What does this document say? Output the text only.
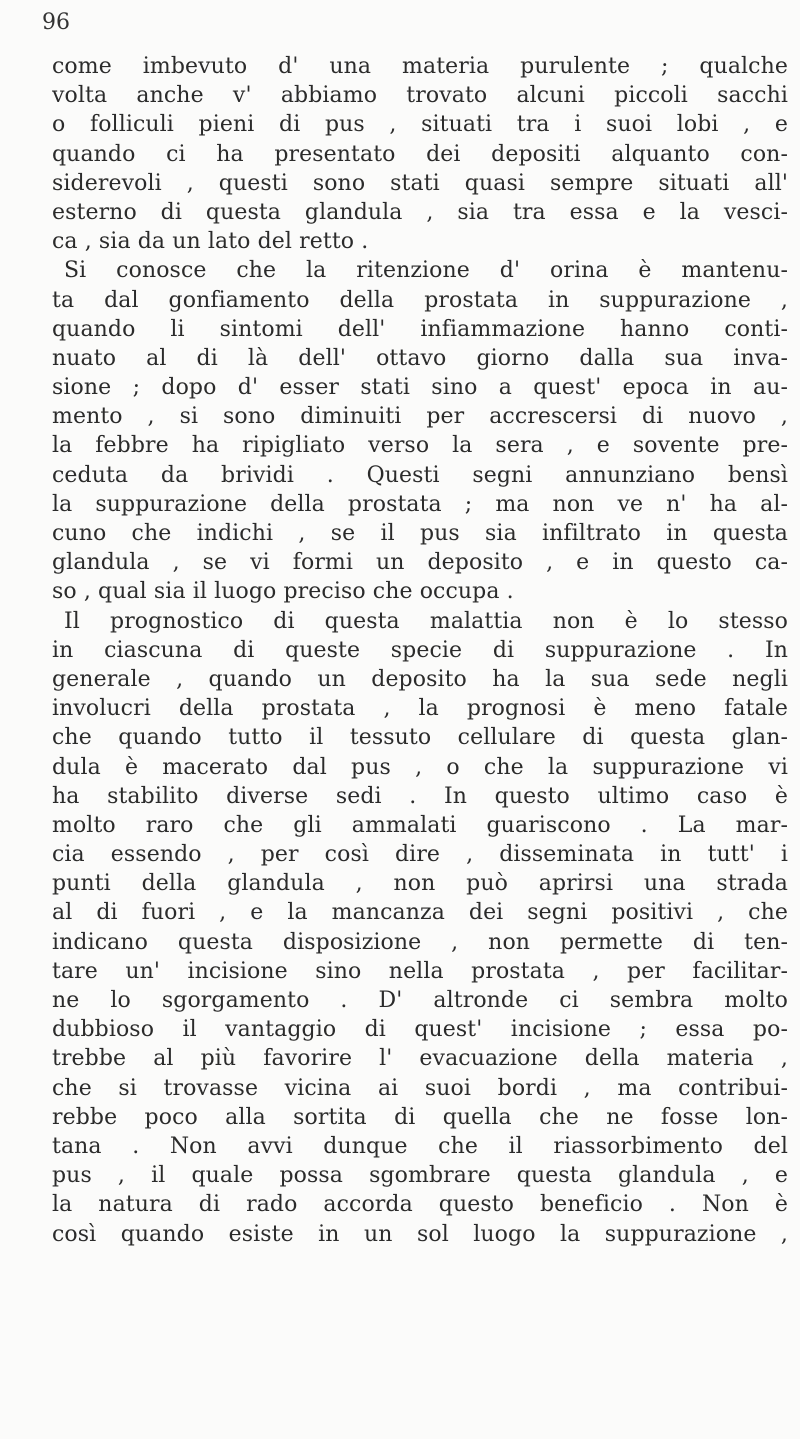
96
come imbevuto d' una materia purulente ; qualche
volta anche v' abbiamo trovato alcuni piccoli sacchi
o folliculi pieni di pus , situati tra i suoi lobi , e
quando ci ha presentato dei depositi alquanto con-
siderevoli , questi sono stati quasi sempre situati all'
esterno di questa glandula , sia tra essa e la vesci-
ca , sia da un lato del retto .
Si conosce che la ritenzione d' orina è mantenu-
ta dal gonfiamento della prostata in suppurazione ,
quando li sintomi dell' infiammazione hanno conti-
nuato al di là dell' ottavo giorno dalla sua inva-
sione ; dopo d' esser stati sino a quest' epoca in au-
mento , si sono diminuiti per accrescersi di nuovo ,
la febbre ha ripigliato verso la sera , e sovente pre-
ceduta da brividi . Questi segni annunziano bensì
la suppurazione della prostata ; ma non ve n' ha al-
cuno che indichi , se il pus sia infiltrato in questa
glandula , se vi formi un deposito , e in questo ca-
so , qual sia il luogo preciso che occupa .
Il prognostico di questa malattia non è lo stesso
in ciascuna di queste specie di suppurazione . In
generale , quando un deposito ha la sua sede negli
involucri della prostata , la prognosi è meno fatale
che quando tutto il tessuto cellulare di questa glan-
dula è macerato dal pus , o che la suppurazione vi
ha stabilito diverse sedi . In questo ultimo caso è
molto raro che gli ammalati guariscono . La mar-
cia essendo , per così dire , disseminata in tutt' i
punti della glandula , non può aprirsi una strada
al di fuori , e la mancanza dei segni positivi , che
indicano questa disposizione , non permette di ten-
tare un' incisione sino nella prostata , per facilitar-
ne lo sgorgamento . D' altronde ci sembra molto
dubbioso il vantaggio di quest' incisione ; essa po-
trebbe al più favorire l' evacuazione della materia ,
che si trovasse vicina ai suoi bordi , ma contribui-
rebbe poco alla sortita di quella che ne fosse lon-
tana . Non avvi dunque che il riassorbimento del
pus , il quale possa sgombrare questa glandula , e
la natura di rado accorda questo beneficio . Non è
così quando esiste in un sol luogo la suppurazione ,
